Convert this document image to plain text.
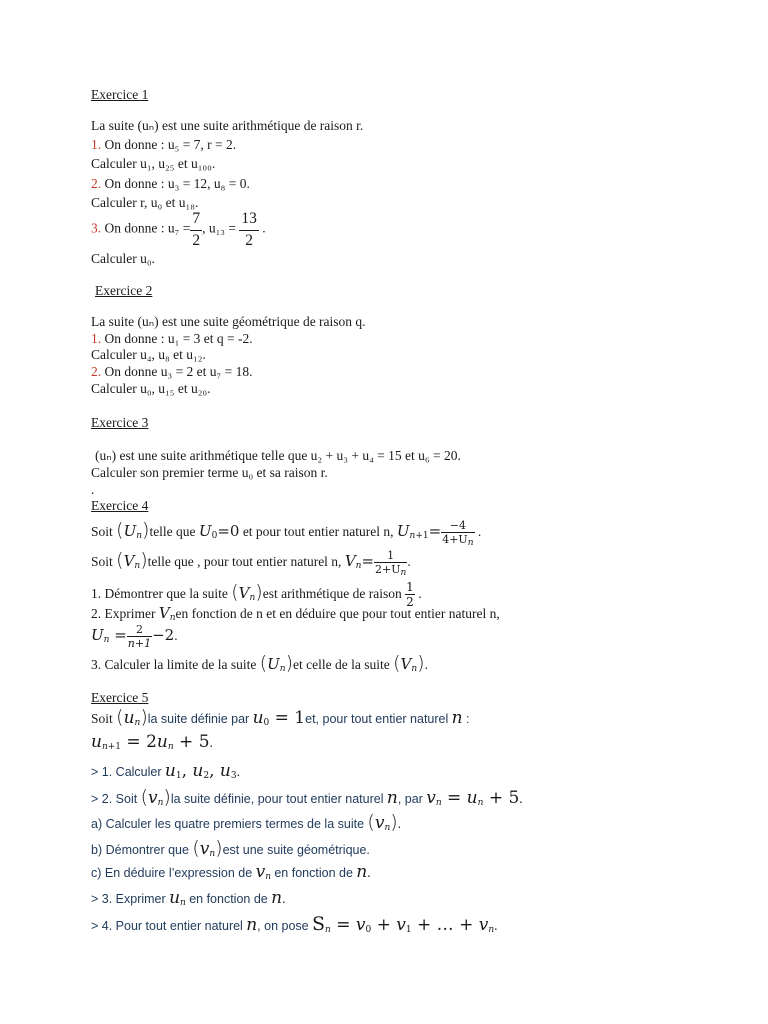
Exercice 1
La suite (uₙ) est une suite arithmétique de raison r.
1. On donne : u₅ = 7, r = 2.
Calculer u₁, u₂₅ et u₁₀₀.
2. On donne : u₃ = 12, u₈ = 0.
Calculer r, u₀ et u₁₈.
3. On donne : $u_7 = \frac{7}{2}$ , $u_{13} = \frac{13}{2}$ .
Calculer u₀.
Exercice 2
La suite (uₙ) est une suite géométrique de raison q.
1. On donne : u₁ = 3 et q = -2.
Calculer u₄, u₈ et u₁₂.
2. On donne u₃ = 2 et u₇ = 18.
Calculer u₀, u₁₅ et u₂₀.
Exercice 3
(uₙ) est une suite arithmétique telle que u₂ + u₃ + u₄ = 15 et u₆ = 20.
Calculer son premier terme u₀ et sa raison r.
.
Exercice 4
Soit $(U_n)telle$ que $U_0=0$ et pour tout entier naturel n, $U_{n+1}= \frac{-4}{4+U_n}$ .
Soit $(V_n)telle$ que , pour tout entier naturel n, $V_n= \frac{1}{2+U_n}$ .
1. Démontrer que la suite $(V_n)est$ arithmétique de raison $\frac{1}{2}$ .
2. Exprimer $V_nen$ fonction de n et en déduire que pour tout entier naturel n,
$U_n = \frac{2}{n+1} -2$.
3. Calculer la limite de la suite $(U_n)et$ celle de la suite $(V_n)$.
Exercice 5
Soit $(u_n)la$ suite définie par $u_0 = 1et$, pour tout entier naturel n :
$u_{n+1} = 2u_n + 5$.
> 1. Calculer $u_1$, $u_2$, $u_3$.
> 2. Soit $(v_n)la$ suite définie, pour tout entier naturel n, par $v_n = u_n + 5$.
a) Calculer les quatre premiers termes de la suite $(v_n)$.
b) Démontrer que $(v_n)est$ une suite géométrique.
c) En déduire l’expression de $v_n$ en fonction de n.
> 3. Exprimer $u_n$ en fonction de n.
> 4. Pour tout entier naturel n, on pose $S_n = v_0 + v_1$ + … + $v_n$.
